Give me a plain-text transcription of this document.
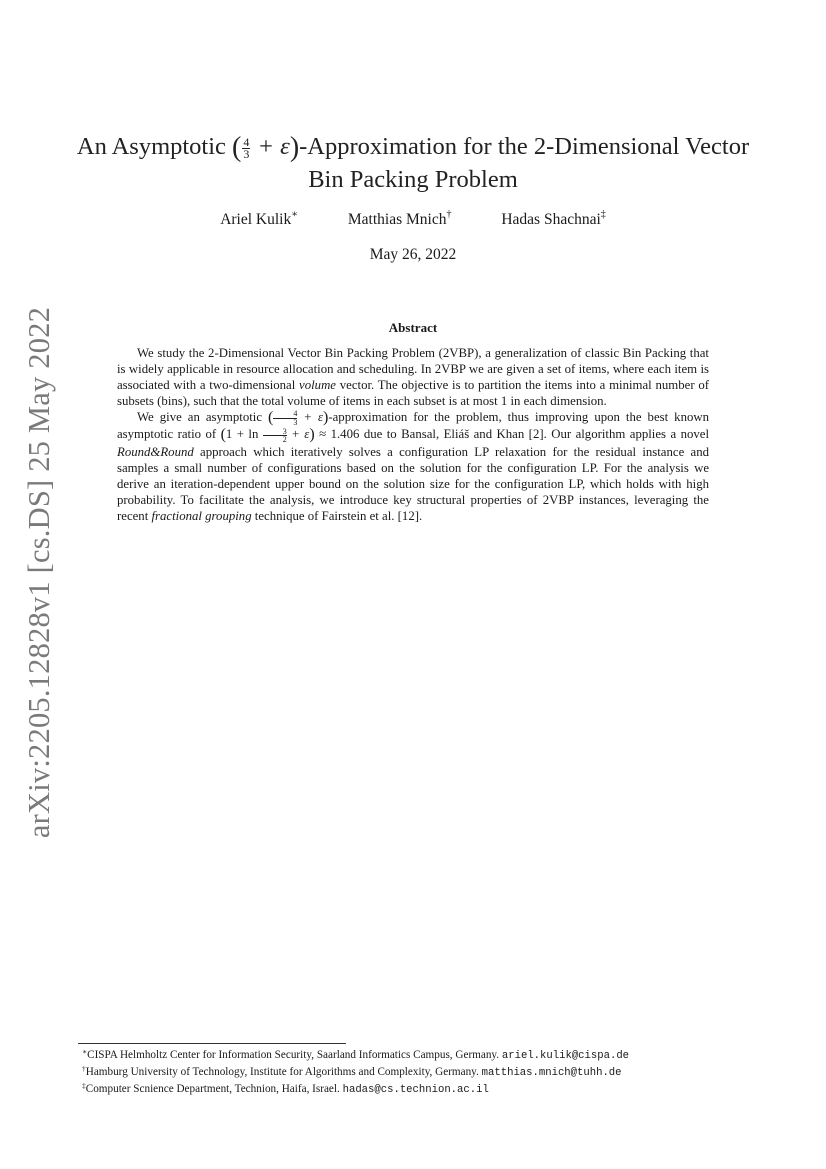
arXiv:2205.12828v1 [cs.DS] 25 May 2022
An Asymptotic ( $\frac{4}{3}$ + ε)-Approximation for the 2-Dimensional Vector
Bin Packing Problem
Ariel Kulik∗	Matthias Mnich†	Hadas Shachnai‡
May 26, 2022
Abstract

We study the 2-Dimensional Vector Bin Packing Problem (2VBP), a generalization of classic Bin Packing that is widely applicable in resource allocation and scheduling. In 2VBP we are given a set of items, where each item is associated with a two-dimensional volume vector. The objective is to partition the items into a minimal number of subsets (bins), such that the total volume of items in each subset is at most 1 in each dimension.

We give an asymptotic ( $\frac{4}{3}$ + ε)-approximation for the problem, thus improving upon the best known asymptotic ratio of $(1 + \ln \frac{3}{2} + \varepsilon) \approx 1.406$ due to Bansal, Eliáš and Khan [2]. Our algorithm applies a novel Round&Round approach which iteratively solves a configuration LP relaxation for the residual instance and samples a small number of configurations based on the solution for the configuration LP. For the analysis we derive an iteration-dependent upper bound on the solution size for the configuration LP, which holds with high probability. To facilitate the analysis, we introduce key structural properties of 2VBP instances, leveraging the recent fractional grouping technique of Fairstein et al. [12].

∗CISPA Helmholtz Center for Information Security, Saarland Informatics Campus, Germany. ariel.kulik@cispa.de
†Hamburg University of Technology, Institute for Algorithms and Complexity, Germany. matthias.mnich@tuhh.de
‡Computer Scnience Department, Technion, Haifa, Israel. hadas@cs.technion.ac.il
